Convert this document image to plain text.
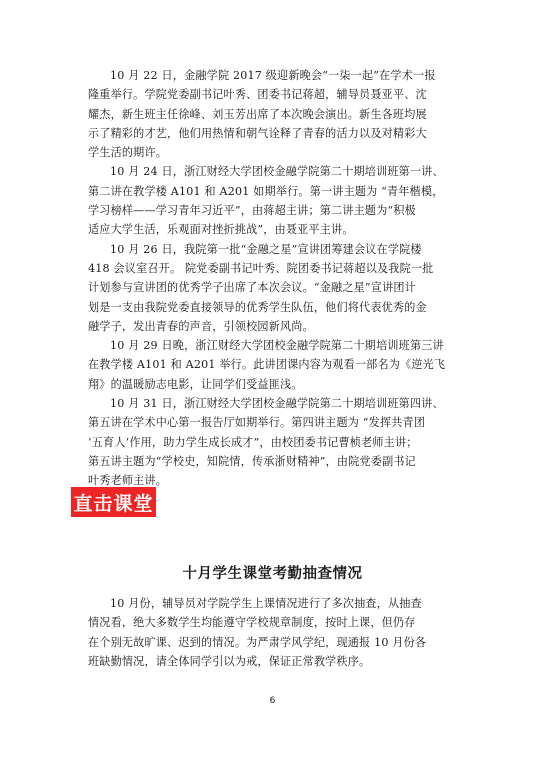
10 月 22 日，金融学院 2017 级迎新晚会“一柒一起”在学术一报
隆重举行。学院党委副书记叶秀、团委书记蒋超，辅导员聂亚平、沈
耀杰，新生班主任徐峰、刘玉芳出席了本次晚会演出。新生各班均展
示了精彩的才艺，他们用热情和朝气诠释了青春的活力以及对精彩大
学生活的期许。

10 月 24 日，浙江财经大学团校金融学院第二十期培训班第一讲、
第二讲在教学楼 A101 和 A201 如期举行。第一讲主题为 “青年楷模，
学习榜样——学习青年习近平”，由蒋超主讲；第二讲主题为“积极
适应大学生活，乐观面对挫折挑战”，由聂亚平主讲。

10 月 26 日，我院第一批“金融之星”宣讲团筹建会议在学院楼
418 会议室召开。 院党委副书记叶秀、院团委书记蒋超以及我院一批
计划参与宣讲团的优秀学子出席了本次会议。“金融之星”宣讲团计
划是一支由我院党委直接领导的优秀学生队伍，他们将代表优秀的金
融学子，发出青春的声音，引领校园新风尚。

10 月 29 日晚，浙江财经大学团校金融学院第二十期培训班第三讲
在教学楼 A101 和 A201 举行。此讲团课内容为观看一部名为《逆光飞
翔》的温暖励志电影，让同学们受益匪浅。

10 月 31 日，浙江财经大学团校金融学院第二十期培训班第四讲、
第五讲在学术中心第一报告厅如期举行。第四讲主题为 “发挥共青团
‘五育人’作用，助力学生成长成才”，由校团委书记曹桢老师主讲；
第五讲主题为“学校史，知院情，传承浙财精神”，由院党委副书记
叶秀老师主讲。

直击课堂
十月学生课堂考勤抽查情况

10 月份，辅导员对学院学生上课情况进行了多次抽查，从抽查
情况看，绝大多数学生均能遵守学校规章制度，按时上课，但仍存
在个别无故旷课、迟到的情况。为严肃学风学纪，现通报 10 月份各
班缺勤情况，请全体同学引以为戒，保证正常教学秩序。

6
